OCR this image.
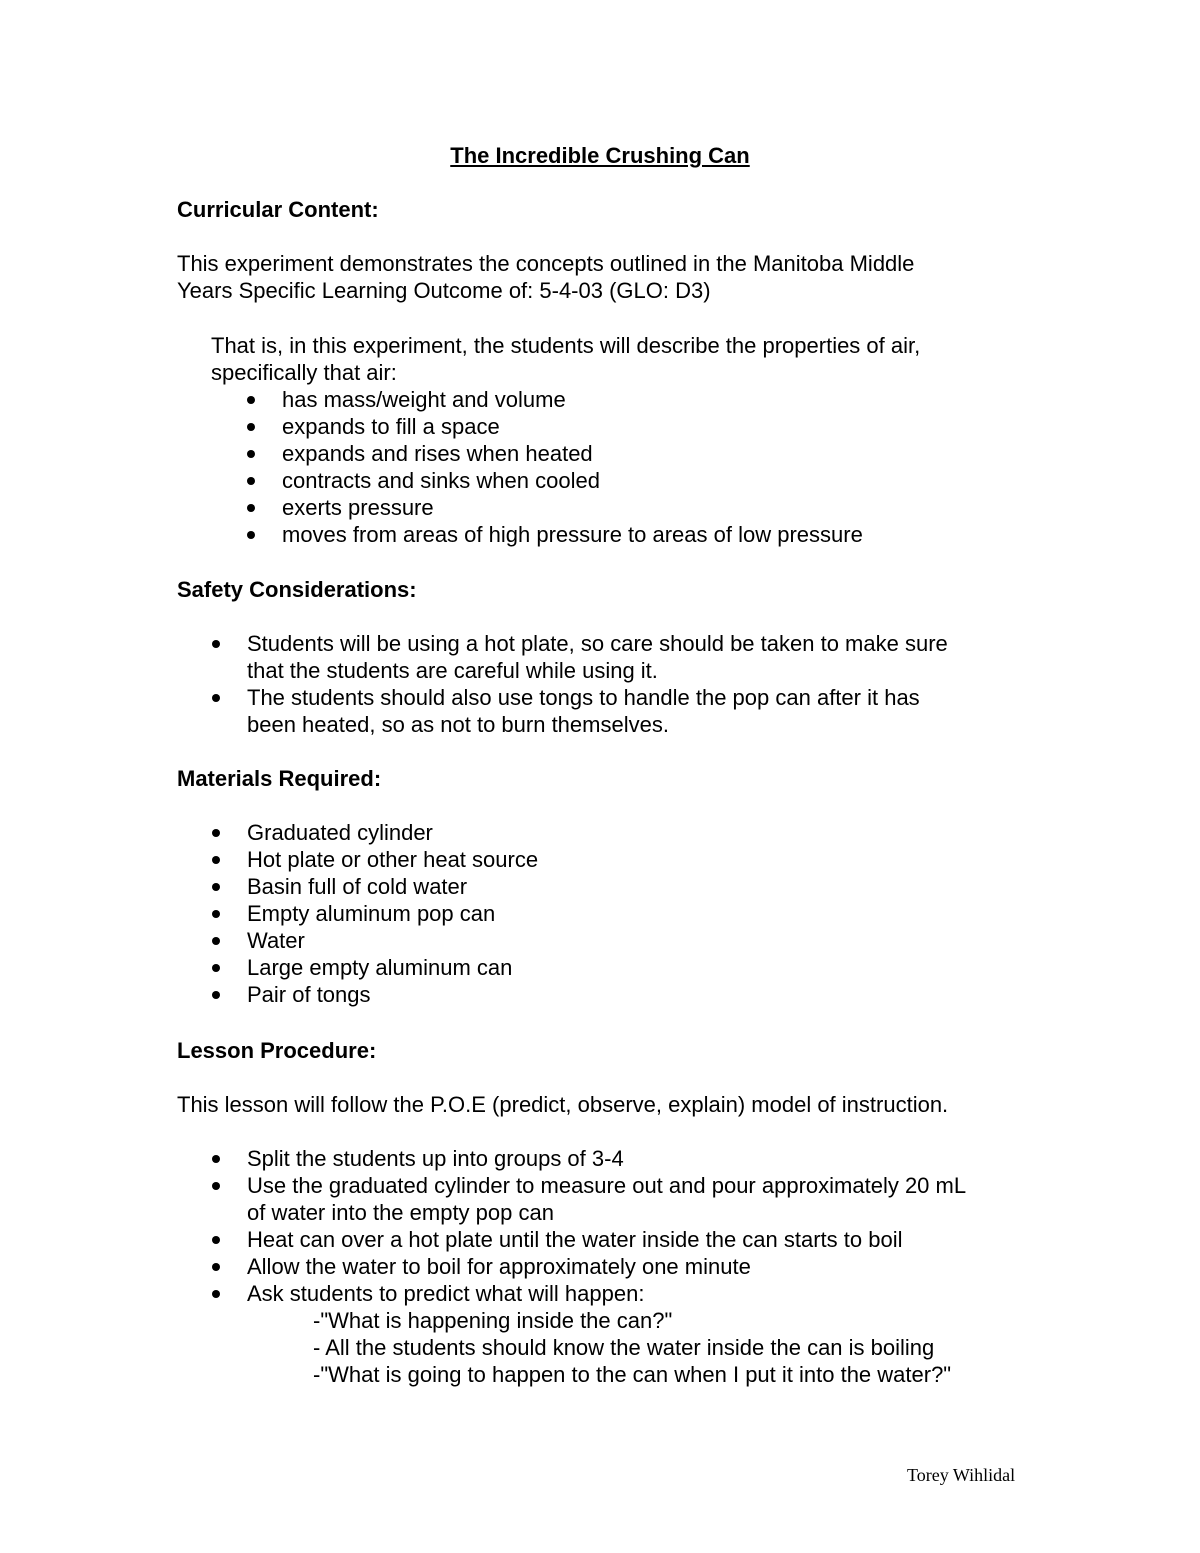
The Incredible Crushing Can
Curricular Content:
This experiment demonstrates the concepts outlined in the Manitoba Middle
Years Specific Learning Outcome of: 5-4-03 (GLO: D3)
That is, in this experiment, the students will describe the properties of air,
specifically that air:
has mass/weight and volume
expands to fill a space
expands and rises when heated
contracts and sinks when cooled
exerts pressure
moves from areas of high pressure to areas of low pressure
Safety Considerations:
Students will be using a hot plate, so care should be taken to make sure
that the students are careful while using it.
The students should also use tongs to handle the pop can after it has
been heated, so as not to burn themselves.
Materials Required:
Graduated cylinder
Hot plate or other heat source
Basin full of cold water
Empty aluminum pop can
Water
Large empty aluminum can
Pair of tongs
Lesson Procedure:
This lesson will follow the P.O.E (predict, observe, explain) model of instruction.
Split the students up into groups of 3-4
Use the graduated cylinder to measure out and pour approximately 20 mL
of water into the empty pop can
Heat can over a hot plate until the water inside the can starts to boil
Allow the water to boil for approximately one minute
Ask students to predict what will happen:
-"What is happening inside the can?"
- All the students should know the water inside the can is boiling
-"What is going to happen to the can when I put it into the water?"
Torey Wihlidal
